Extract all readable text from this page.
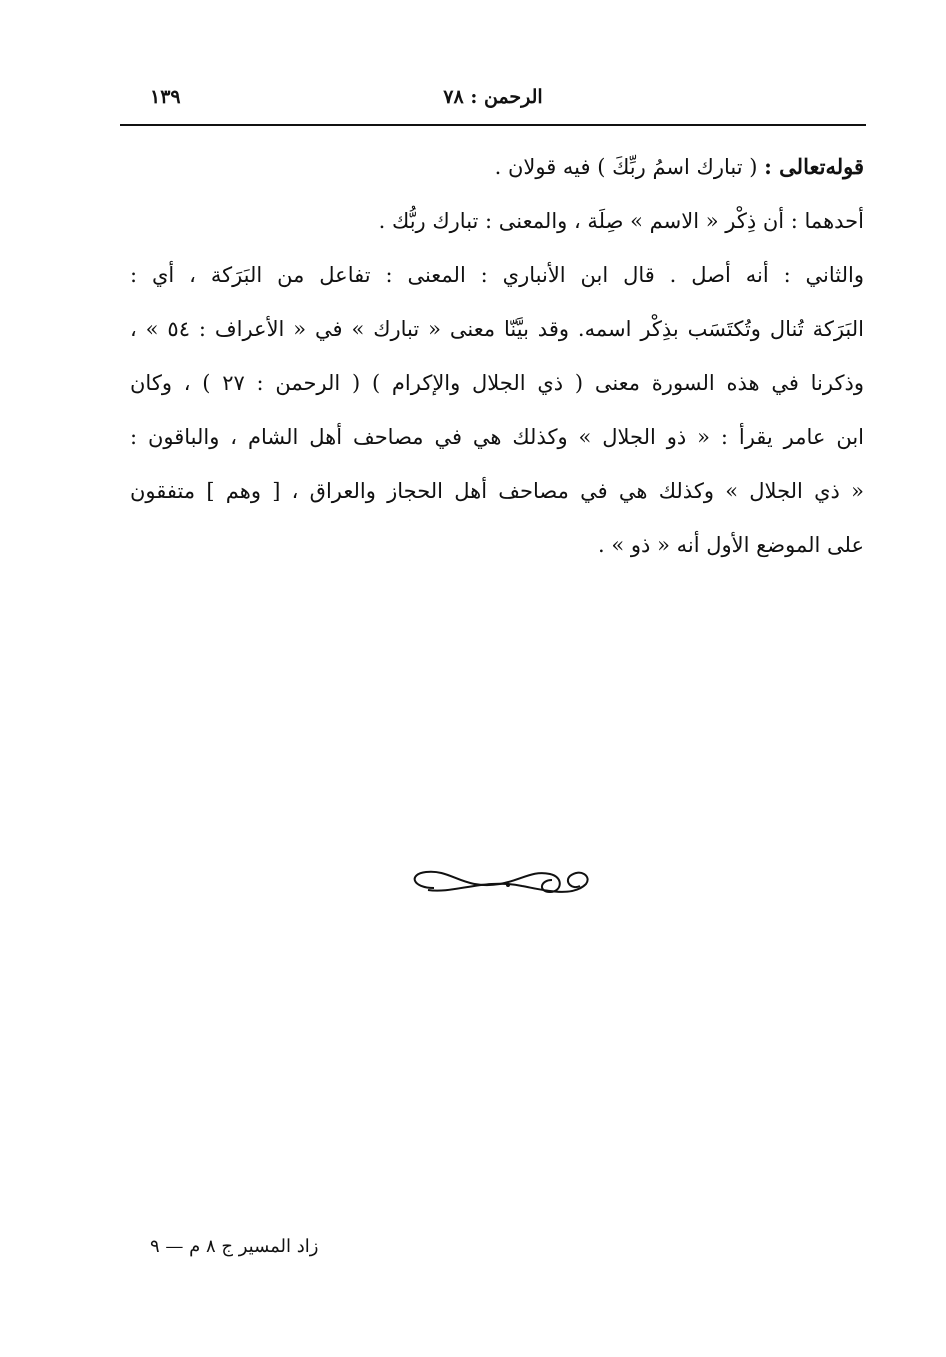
١٣٩	الرحمن : ٧٨
قوله‌تعالى : ( تبارك اسمُ ربِّكَ ) فيه قولان .
أحدهما : أن ذِكْر « الاسم » صِلَة ، والمعنى : تبارك ربُّك .
والثاني : أنه أصل . قال ابن الأنباري : المعنى : تفاعل من البَرَكة ، أي :
البَرَكة تُنال وتُكتَسَب بذِكْر اسمه. وقد بيَّنّا معنى « تبارك » في « الأعراف : ٥٤ » ،
وذكرنا في هذه السورة معنى ( ذي الجلال والإكرام ) ( الرحمن : ٢٧ ) ، وكان
ابن عامر يقرأ : « ذو الجلال » وكذلك هي في مصاحف أهل الشام ، والباقون :
« ذي الجلال » وكذلك هي في مصاحف أهل الحجاز والعراق ، [ وهم ] متفقون
على الموضع الأول أنه « ذو » .
زاد المسير ج ٨ م — ٩
